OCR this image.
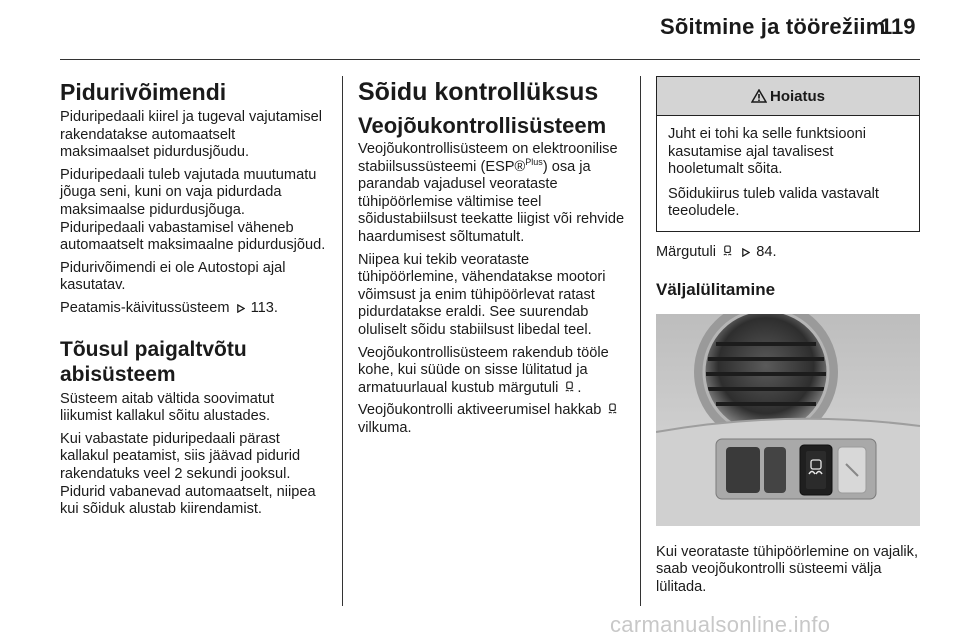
Sõitmine ja töörežiim
119
Pidurivõimendi

Piduripedaali kiirel ja tugeval vajutamisel rakendatakse automaatselt maksimaalset pidurdusjõudu.

Piduripedaali tuleb vajutada muutumatu jõuga seni, kuni on vaja pidurdada maksimaalse pidurdusjõuga. Piduripedaali vabastamisel väheneb automaatselt maksimaalne pidurdusjõud.

Pidurivõimendi ei ole Autostopi ajal kasutatav.

Peatamis-käivitussüsteem 113.

Tõusul paigaltvõtu
abisüsteem

Süsteem aitab vältida soovimatut liikumist kallakul sõitu alustades.

Kui vabastate piduripedaali pärast kallakul peatamist, siis jäävad pidurid rakendatuks veel 2 sekundi jooksul. Pidurid vabanevad automaatselt, niipea kui sõiduk alustab kiirendamist.

Sõidu kontrollüksus
Veojõukontrollisüsteem

Veojõukontrollisüsteem on elektroonilise stabiilsussüsteemi (ESP®$^{Plus}$) osa ja parandab vajadusel veorataste tühipöörlemise vältimise teel sõidustabiilsust teekatte liigist või rehvide haardumisest sõltumatult.

Niipea kui tekib veorataste tühipöörlemine, vähendatakse mootori võimsust ja enim tühipöörlevat ratast pidurdatakse eraldi. See suurendab oluliselt sõidu stabiilsust libedal teel.

Veojõukontrollisüsteem rakendub tööle kohe, kui süüde on sisse lülitatud ja armatuurlaual kustub märgutuli .

Veojõukontrolli aktiveerumisel hakkab  vilkuma.

Hoiatus

Juht ei tohi ka selle funktsiooni kasutamise ajal tavalisest hooletumalt sõita.

Sõidukiirus tuleb valida vastavalt teeoludele.

Märgutuli	84.

Väljalülitamine

Kui veorataste tühipöörlemine on vajalik, saab veojõukontrolli süsteemi välja lülitada.

carmanualsonline.info
